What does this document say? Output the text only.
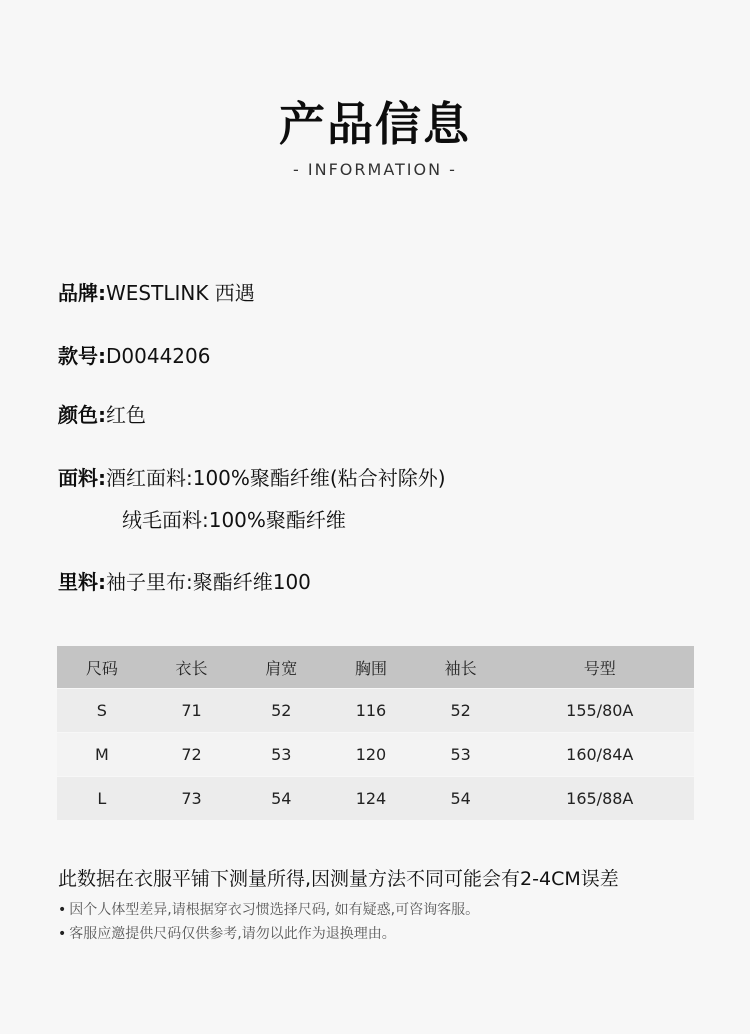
产品信息
- INFORMATION -
品牌:WESTLINK 西遇
款号:D0044206
颜色:红色
面料:酒红面料:100%聚酯纤维(粘合衬除外)
绒毛面料:100%聚酯纤维
里料:袖子里布:聚酯纤维100
尺码	衣长	肩宽	胸围	袖长	号型
S	71	52	116	52	155/80A
M	72	53	120	53	160/84A
L	73	54	124	54	165/88A
此数据在衣服平铺下测量所得,因测量方法不同可能会有2-4CM误差
• 因个人体型差异,请根据穿衣习惯选择尺码, 如有疑惑,可咨询客服。
• 客服应邀提供尺码仅供参考,请勿以此作为退换理由。
